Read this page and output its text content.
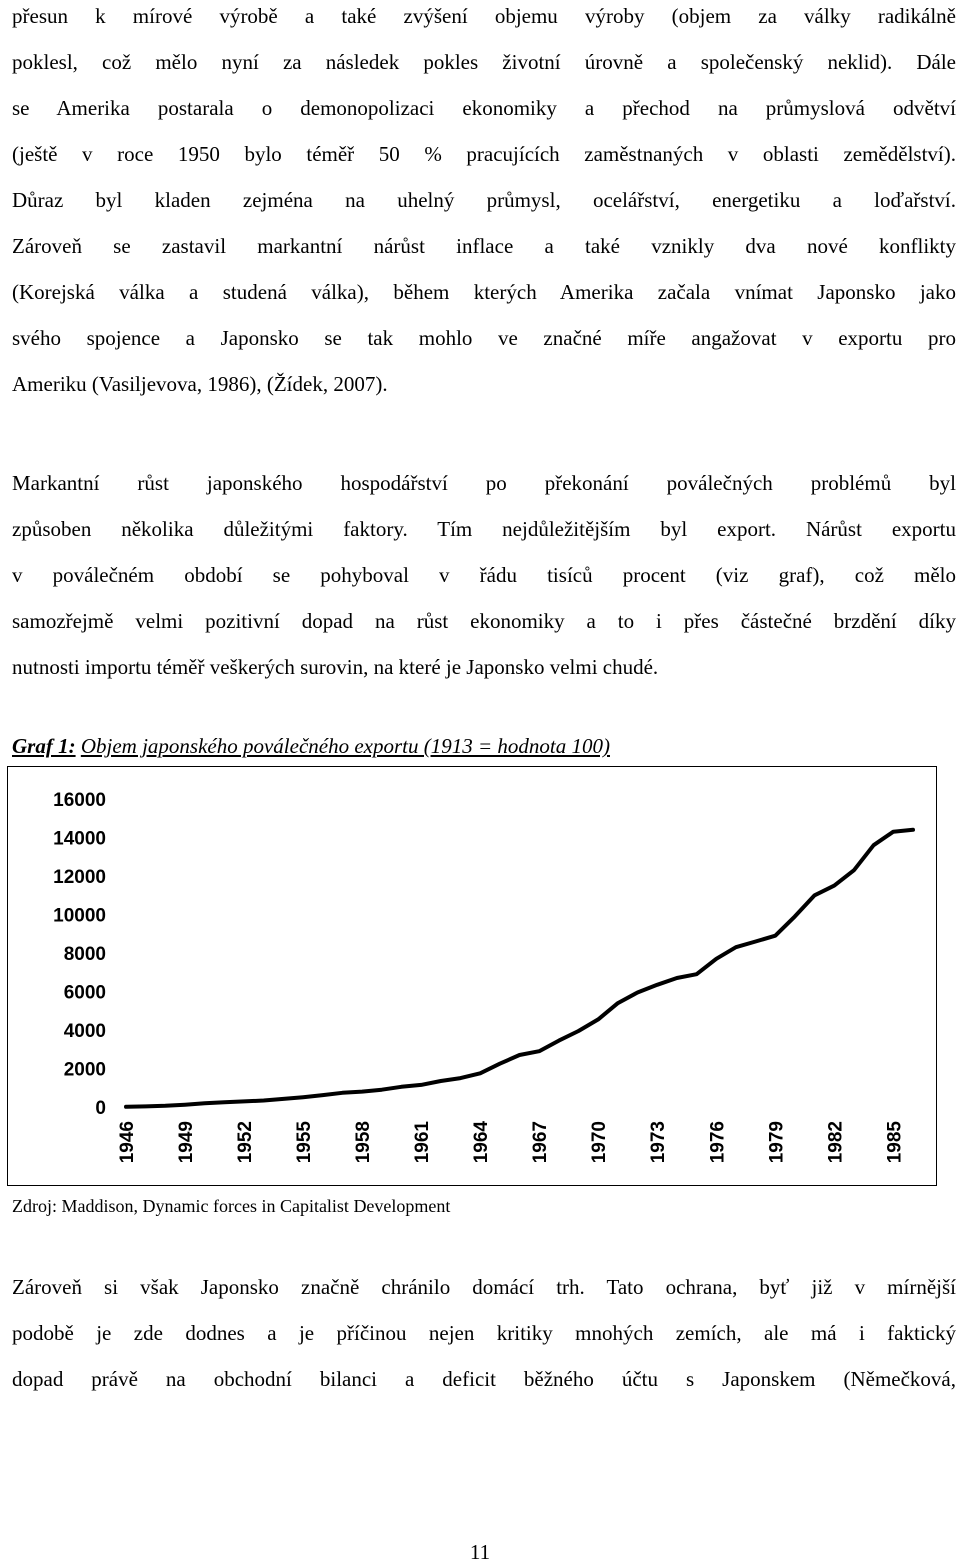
přesun k mírové výrobě a také zvýšení objemu výroby (objem za války radikálně
poklesl, což mělo nyní za následek pokles životní úrovně a společenský neklid). Dále
se Amerika postarala o demonopolizaci ekonomiky a přechod na průmyslová odvětví
(ještě v roce 1950 bylo téměř 50 % pracujících zaměstnaných v oblasti zemědělství).
Důraz byl kladen zejména na uhelný průmysl, ocelářství, energetiku a loďařství.
Zároveň se zastavil markantní nárůst inflace a také vznikly dva nové konflikty
(Korejská válka a studená válka), během kterých Amerika začala vnímat Japonsko jako
svého spojence a Japonsko se tak mohlo ve značné míře angažovat v exportu pro
Ameriku (Vasiljevova, 1986), (Žídek, 2007).
Markantní růst japonského hospodářství po překonání poválečných problémů byl
způsoben několika důležitými faktory. Tím nejdůležitějším byl export. Nárůst exportu
v poválečném období se pohyboval v řádu tisíců procent (viz graf), což mělo
samozřejmě velmi pozitivní dopad na růst ekonomiky a to i přes částečné brzdění díky
nutnosti importu téměř veškerých surovin, na které je Japonsko velmi chudé.

Graf 1: Objem japonského poválečného exportu (1913 = hodnota 100)

0
2000
4000
6000
8000
10000
12000
14000
16000
1946 1949 1952 1955 1958 1961 1964 1967 1970 1973 1976 1979 1982 1985

Zdroj: Maddison, Dynamic forces in Capitalist Development

Zároveň si však Japonsko značně chránilo domácí trh. Tato ochrana, byť již v mírnější
podobě je zde dodnes a je příčinou nejen kritiky mnohých zemích, ale má i faktický
dopad právě na obchodní bilanci a deficit běžného účtu s Japonskem (Němečková,
11
